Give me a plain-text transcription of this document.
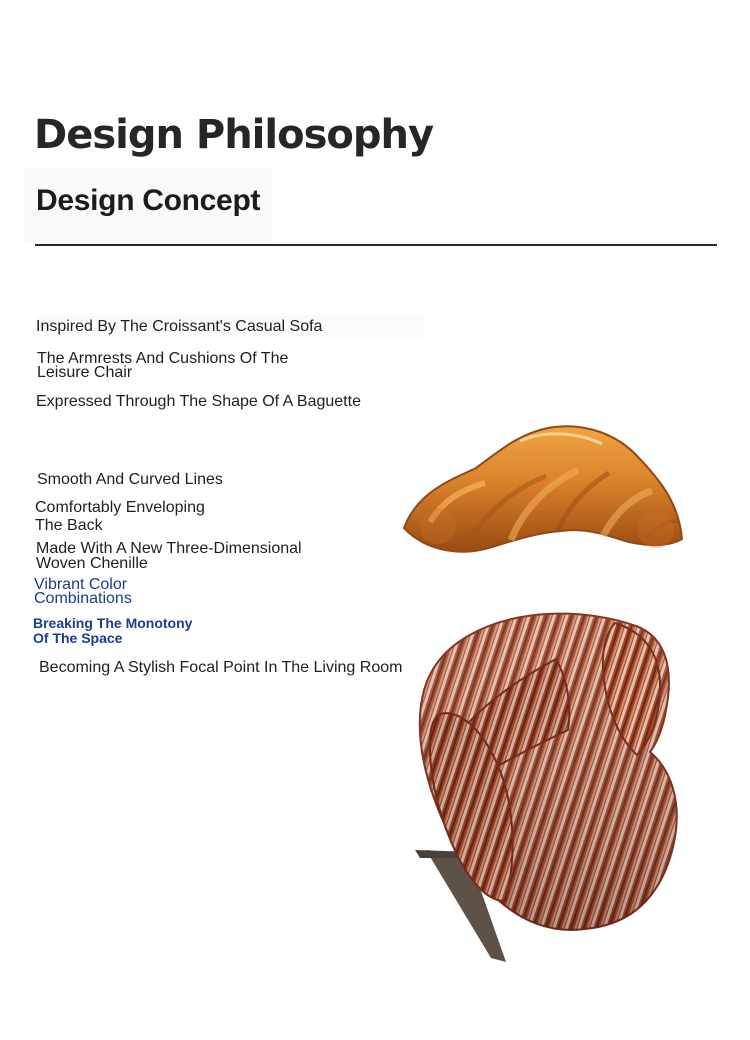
Design Philosophy
Design Concept

Inspired By The Croissant's Casual Sofa

The Armrests And Cushions Of The

Leisure Chair

Expressed Through The Shape Of A Baguette

Smooth And Curved Lines

Comfortably Enveloping

The Back

Made With A New Three-Dimensional

Woven Chenille

Vibrant Color

Combinations

Breaking The Monotony

Of The Space

Becoming A Stylish Focal Point In The Living Room
